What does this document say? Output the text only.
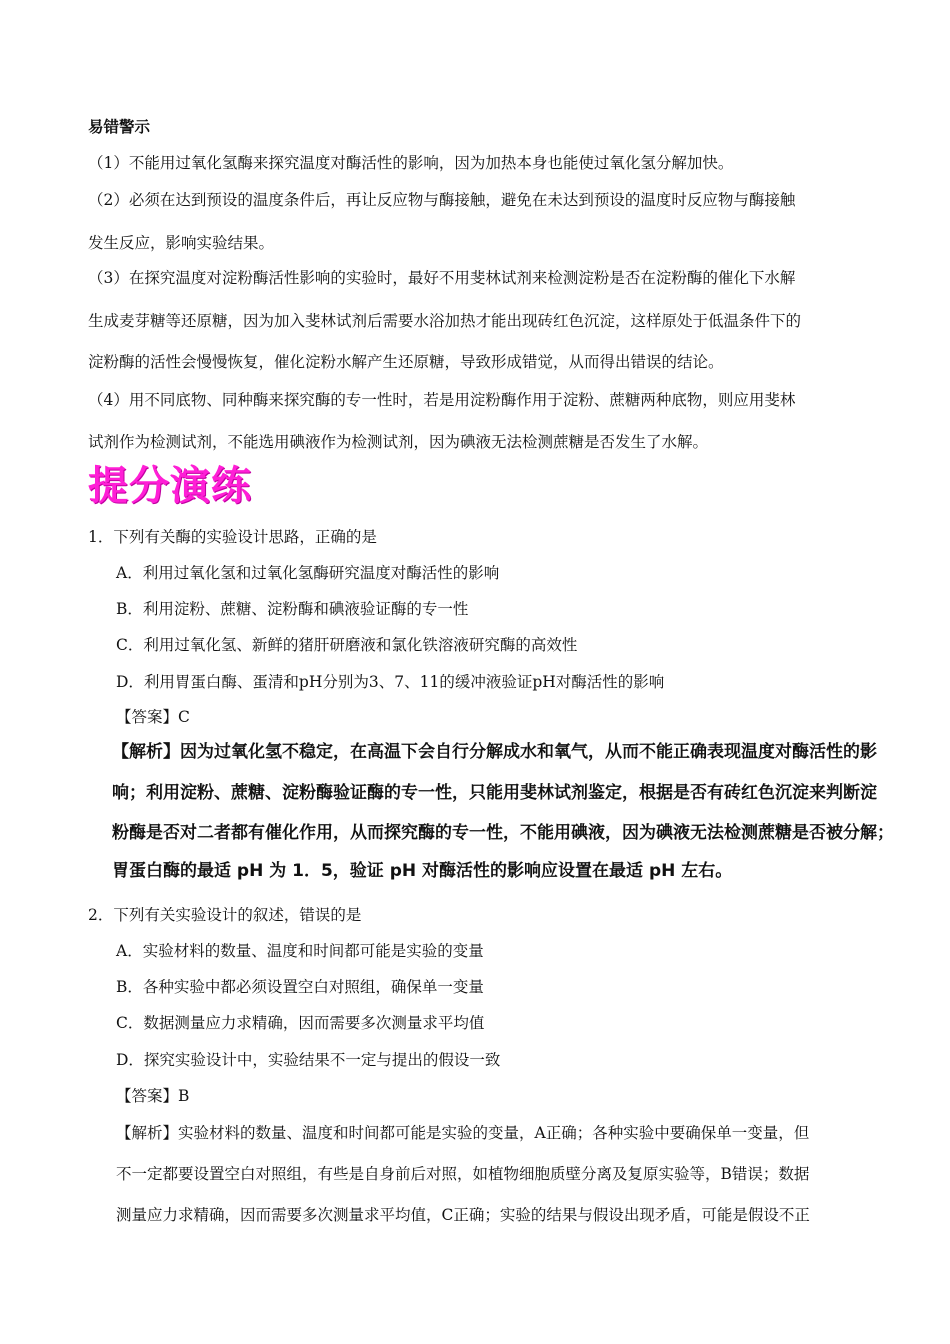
易错警示
（1）不能用过氧化氢酶来探究温度对酶活性的影响，因为加热本身也能使过氧化氢分解加快。
（2）必须在达到预设的温度条件后，再让反应物与酶接触，避免在未达到预设的温度时反应物与酶接触
发生反应，影响实验结果。
（3）在探究温度对淀粉酶活性影响的实验时，最好不用斐林试剂来检测淀粉是否在淀粉酶的催化下水解
生成麦芽糖等还原糖，因为加入斐林试剂后需要水浴加热才能出现砖红色沉淀，这样原处于低温条件下的
淀粉酶的活性会慢慢恢复，催化淀粉水解产生还原糖，导致形成错觉，从而得出错误的结论。
（4）用不同底物、同种酶来探究酶的专一性时，若是用淀粉酶作用于淀粉、蔗糖两种底物，则应用斐林
试剂作为检测试剂，不能选用碘液作为检测试剂，因为碘液无法检测蔗糖是否发生了水解。
提分演练
1．下列有关酶的实验设计思路，正确的是
A．利用过氧化氢和过氧化氢酶研究温度对酶活性的影响
B．利用淀粉、蔗糖、淀粉酶和碘液验证酶的专一性
C．利用过氧化氢、新鲜的猪肝研磨液和氯化铁溶液研究酶的高效性
D．利用胃蛋白酶、蛋清和pH分别为3、7、11的缓冲液验证pH对酶活性的影响
【答案】C
【解析】因为过氧化氢不稳定，在高温下会自行分解成水和氧气，从而不能正确表现温度对酶活性的影
响；利用淀粉、蔗糖、淀粉酶验证酶的专一性，只能用斐林试剂鉴定，根据是否有砖红色沉淀来判断淀
粉酶是否对二者都有催化作用，从而探究酶的专一性，不能用碘液，因为碘液无法检测蔗糖是否被分解；
胃蛋白酶的最适 pH 为 1．5，验证 pH 对酶活性的影响应设置在最适 pH 左右。
2．下列有关实验设计的叙述，错误的是
A．实验材料的数量、温度和时间都可能是实验的变量
B．各种实验中都必须设置空白对照组，确保单一变量
C．数据测量应力求精确，因而需要多次测量求平均值
D．探究实验设计中，实验结果不一定与提出的假设一致
【答案】B
【解析】实验材料的数量、温度和时间都可能是实验的变量，A正确；各种实验中要确保单一变量，但
不一定都要设置空白对照组，有些是自身前后对照，如植物细胞质壁分离及复原实验等，B错误；数据
测量应力求精确，因而需要多次测量求平均值，C正确；实验的结果与假设出现矛盾，可能是假设不正
